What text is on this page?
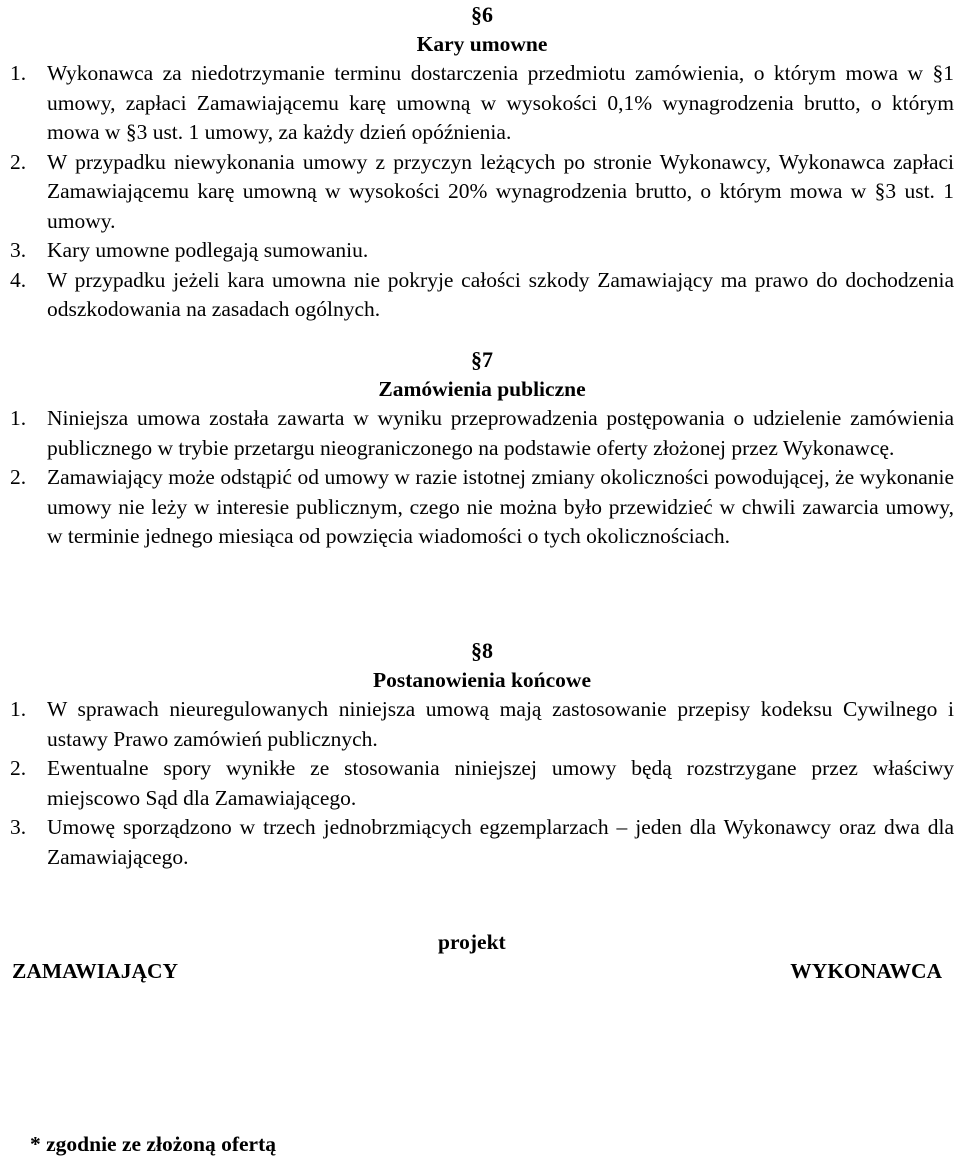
§6
Kary umowne
1. Wykonawca za niedotrzymanie terminu dostarczenia przedmiotu zamówienia, o którym mowa w §1 umowy, zapłaci Zamawiającemu karę umowną w wysokości 0,1% wynagrodzenia brutto, o którym mowa w §3 ust. 1 umowy, za każdy dzień opóźnienia.
2. W przypadku niewykonania umowy z przyczyn leżących po stronie Wykonawcy, Wykonawca zapłaci Zamawiającemu karę umowną w wysokości 20% wynagrodzenia brutto, o którym mowa w §3 ust. 1 umowy.
3. Kary umowne podlegają sumowaniu.
4. W przypadku jeżeli kara umowna nie pokryje całości szkody Zamawiający ma prawo do dochodzenia odszkodowania na zasadach ogólnych.
§7
Zamówienia publiczne
1. Niniejsza umowa została zawarta w wyniku przeprowadzenia postępowania o udzielenie zamówienia publicznego w trybie przetargu nieograniczonego na podstawie oferty złożonej przez Wykonawcę.
2. Zamawiający może odstąpić od umowy w razie istotnej zmiany okoliczności powodującej, że wykonanie umowy nie leży w interesie publicznym, czego nie można było przewidzieć w chwili zawarcia umowy, w terminie jednego miesiąca od powzięcia wiadomości o tych okolicznościach.
§8
Postanowienia końcowe
1. W sprawach nieuregulowanych niniejsza umową mają zastosowanie przepisy kodeksu Cywilnego i ustawy Prawo zamówień publicznych.
2. Ewentualne spory wynikłe ze stosowania niniejszej umowy będą rozstrzygane przez właściwy miejscowo Sąd dla Zamawiającego.
3. Umowę sporządzono w trzech jednobrzmiących egzemplarzach – jeden dla Wykonawcy oraz dwa dla Zamawiającego.
projekt
ZAMAWIAJĄCY	WYKONAWCA
* zgodnie ze złożoną ofertą
